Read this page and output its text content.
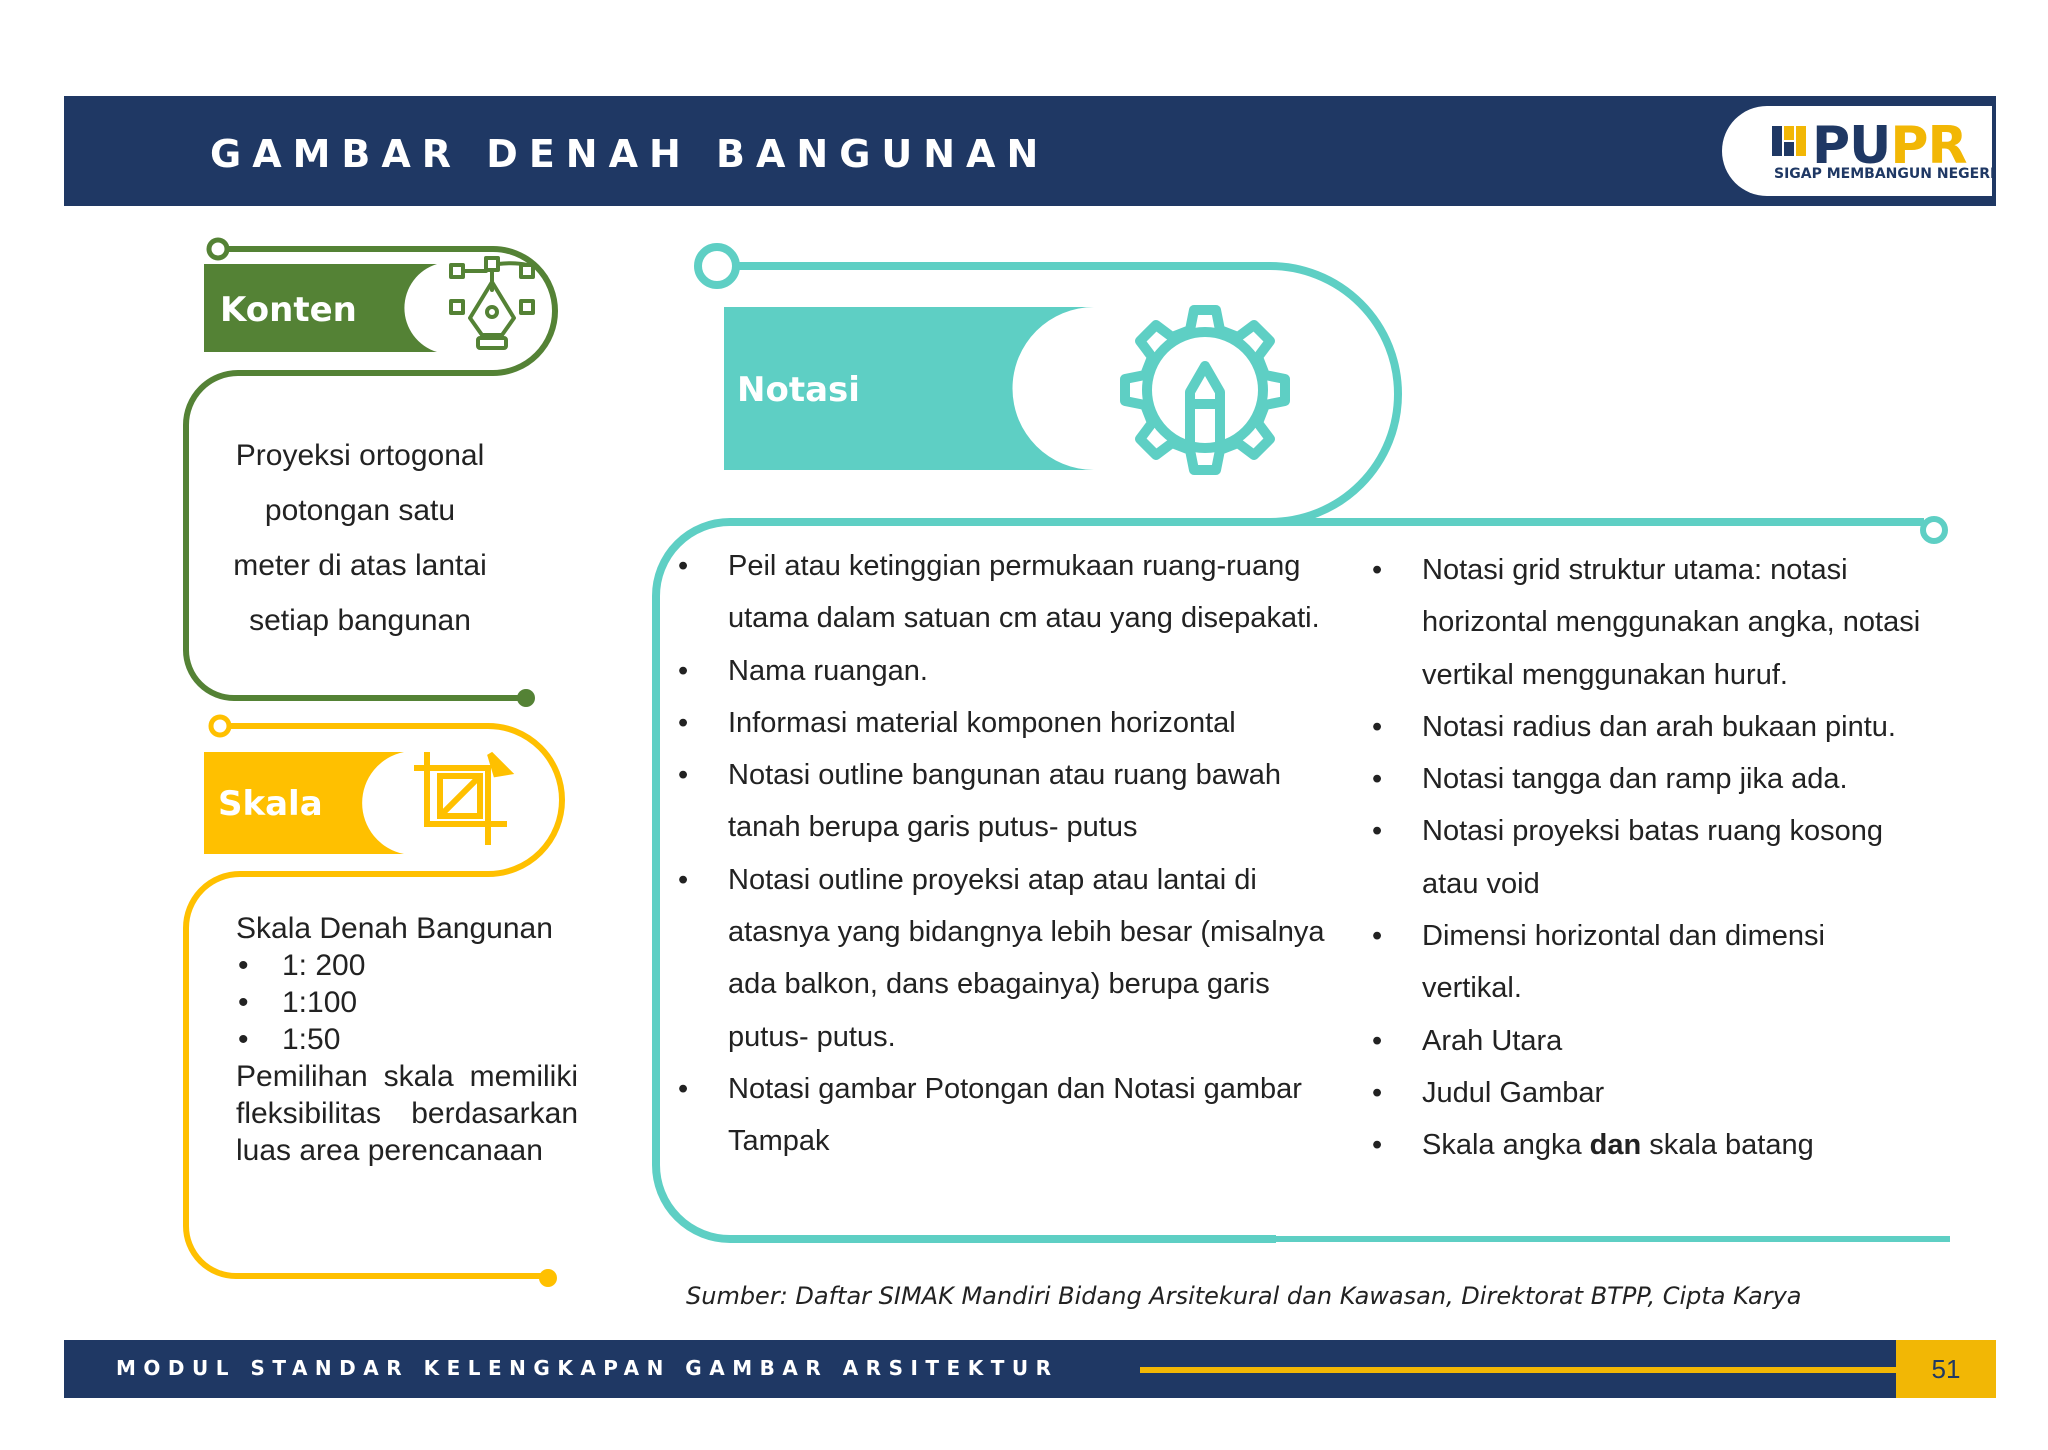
GAMBAR DENAH BANGUNAN	PUPR
SIGAP MEMBANGUN NEGERI
Konten
Skala
Notasi
Proyeksi ortogonal
potongan satu
meter di atas lantai
setiap bangunan
Skala Denah Bangunan
• 1: 200
• 1:100
• 1:50
Pemilihan skala memiliki fleksibilitas berdasarkan luas area perencanaan
• Peil atau ketinggian permukaan ruang-ruang utama dalam satuan cm atau yang disepakati.
• Nama ruangan.
• Informasi material komponen horizontal
• Notasi outline bangunan atau ruang bawah tanah berupa garis putus- putus
• Notasi outline proyeksi atap atau lantai di atasnya yang bidangnya lebih besar (misalnya ada balkon, dans ebagainya) berupa garis putus- putus.
• Notasi gambar Potongan dan Notasi gambar Tampak
• Notasi grid struktur utama: notasi horizontal menggunakan angka, notasi vertikal menggunakan huruf.
• Notasi radius dan arah bukaan pintu.
• Notasi tangga dan ramp jika ada.
• Notasi proyeksi batas ruang kosong atau void
• Dimensi horizontal dan dimensi vertikal.
• Arah Utara
• Judul Gambar
• Skala angka dan skala batang
Sumber: Daftar SIMAK Mandiri Bidang Arsitekural dan Kawasan, Direktorat BTPP, Cipta Karya
MODUL STANDAR KELENGKAPAN GAMBAR ARSITEKTUR	51
